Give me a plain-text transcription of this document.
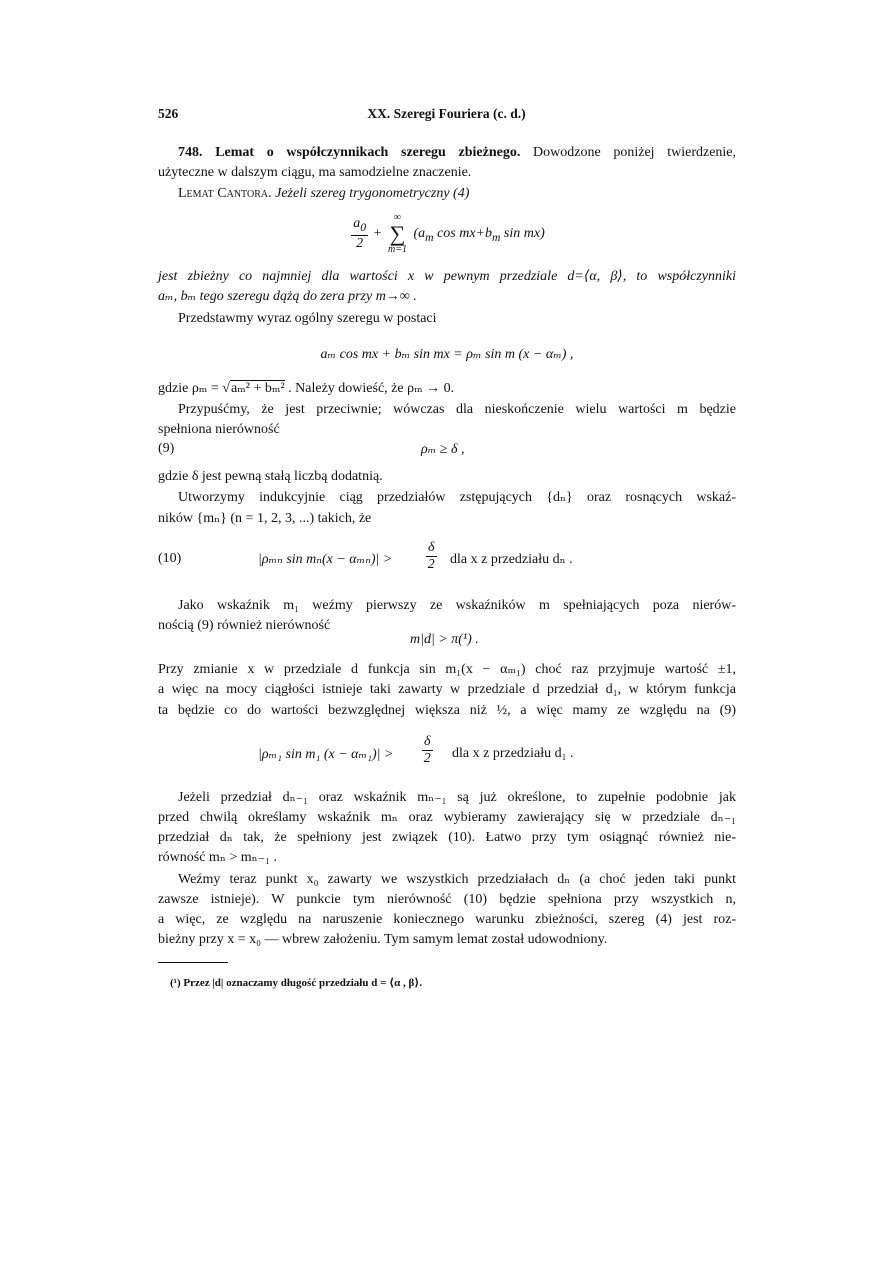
526	XX. Szeregi Fouriera (c. d.)

748. Lemat o współczynnikach szeregu zbieżnego. Dowodzone poniżej twierdzenie,

użyteczne w dalszym ciągu, ma samodzielne znaczenie.

Lemat Cantora. Jeżeli szereg trygonometryczny (4)

$\frac{a_0}{2}$ +
∞
∑
m=1
($a_m$ $\cos mx+b_m$ sin mx)

jest zbieżny co najmniej dla wartości x w pewnym przedziale d=⟨α, β⟩, to współczynniki

aₘ, bₘ tego szeregu dążą do zera przy m→∞ .

Przedstawmy wyraz ogólny szeregu w postaci

aₘ cos mx + bₘ sin mx = ρₘ sin m (x − αₘ) ,

gdzie ρₘ = √aₘ² + bₘ² . Należy dowieść, że ρₘ → 0.

Przypuśćmy, że jest przeciwnie; wówczas dla nieskończenie wielu wartości m będzie

spełniona nierówność

(9)	ρₘ ≥ δ ,

gdzie δ jest pewną stałą liczbą dodatnią.

Utworzymy indukcyjnie ciąg przedziałów zstępujących {dₙ} oraz rosnących wskaź-

ników {mₙ} (n = 1, 2, 3, ...) takich, że

(10)	|ρₘₙ $\sin m_n(x - \alpha_{mn})| > \frac{\delta}{2}$ dla x z przedziału dₙ .

Jako wskaźnik m₁ weźmy pierwszy ze wskaźników m spełniających poza nierów-

nością (9) również nierówność

m|d| > π(¹) .

Przy zmianie x w przedziale d funkcja sin m₁(x − αₘ₁) choć raz przyjmuje wartość ±1,

a więc na mocy ciągłości istnieje taki zawarty w przedziale d przedział d₁, w którym funkcja

ta będzie co do wartości bezwzględnej większa niż ½, a więc mamy ze względu na (9)

|ρₘ₁ sin m₁ $(x - \alpha_{m1})| > \frac{\delta}{2}$ dla x z przedziału d₁ .

Jeżeli przedział dₙ₋₁ oraz wskaźnik mₙ₋₁ są już określone, to zupełnie podobnie jak

przed chwilą określamy wskaźnik mₙ oraz wybieramy zawierający się w przedziale dₙ₋₁

przedział dₙ tak, że spełniony jest związek (10). Łatwo przy tym osiągnąć również nie-

równość mₙ > mₙ₋₁ .

Weźmy teraz punkt x₀ zawarty we wszystkich przedziałach dₙ (a choć jeden taki punkt

zawsze istnieje). W punkcie tym nierówność (10) będzie spełniona przy wszystkich n,

a więc, ze względu na naruszenie koniecznego warunku zbieżności, szereg (4) jest roz-

bieżny przy x = x₀ — wbrew założeniu. Tym samym lemat został udowodniony.

(¹) Przez |d| oznaczamy długość przedziału d = ⟨α , β⟩.
